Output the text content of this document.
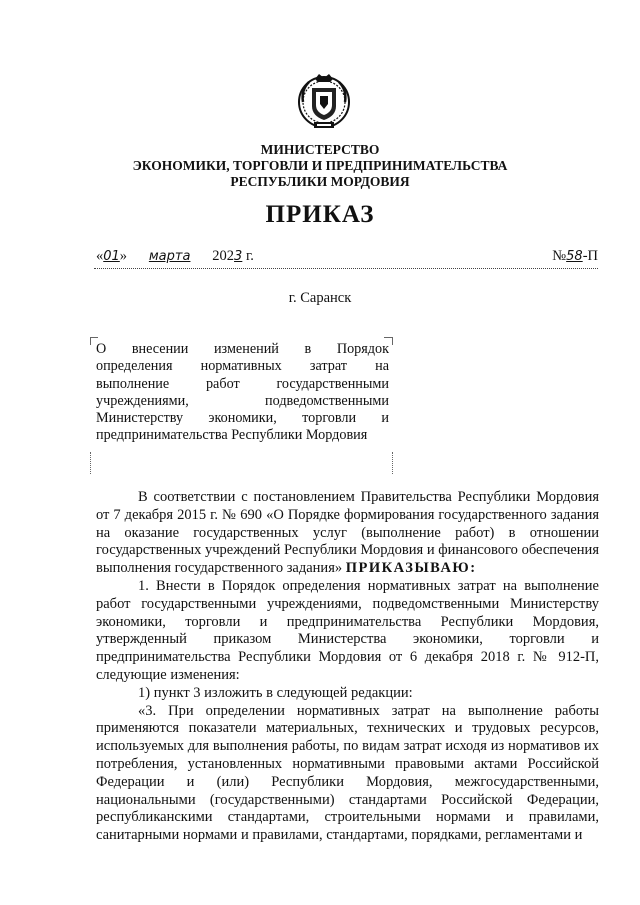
МИНИСТЕРСТВО
ЭКОНОМИКИ, ТОРГОВЛИ И ПРЕДПРИНИМАТЕЛЬСТВА
РЕСПУБЛИКИ МОРДОВИЯ
ПРИКАЗ
«01» марта 2023 г.	№58-П
г. Саранск
О внесении изменений в Порядок
определения нормативных затрат на
выполнение работ государственными
учреждениями, подведомственными
Министерству экономики, торговли и
предпринимательства Республики Мордовия

В соответствии с постановлением Правительства Республики Мордовия от 7 декабря 2015 г. № 690 «О Порядке формирования государственного задания на оказание государственных услуг (выполнение работ) в отношении государственных учреждений Республики Мордовия и финансового обеспечения выполнения государственного задания» ПРИКАЗЫВАЮ:

1. Внести в Порядок определения нормативных затрат на выполнение работ государственными учреждениями, подведомственными Министерству экономики, торговли и предпринимательства Республики Мордовия, утвержденный приказом Министерства экономики, торговли и предпринимательства Республики Мордовия от 6 декабря 2018 г. № 912-П, следующие изменения:

1) пункт 3 изложить в следующей редакции:

«3. При определении нормативных затрат на выполнение работы применяются показатели материальных, технических и трудовых ресурсов, используемых для выполнения работы, по видам затрат исходя из нормативов их потребления, установленных нормативными правовыми актами Российской Федерации и (или) Республики Мордовия, межгосударственными, национальными (государственными) стандартами Российской Федерации, республиканскими стандартами, строительными нормами и правилами, санитарными нормами и правилами, стандартами, порядками, регламентами и
